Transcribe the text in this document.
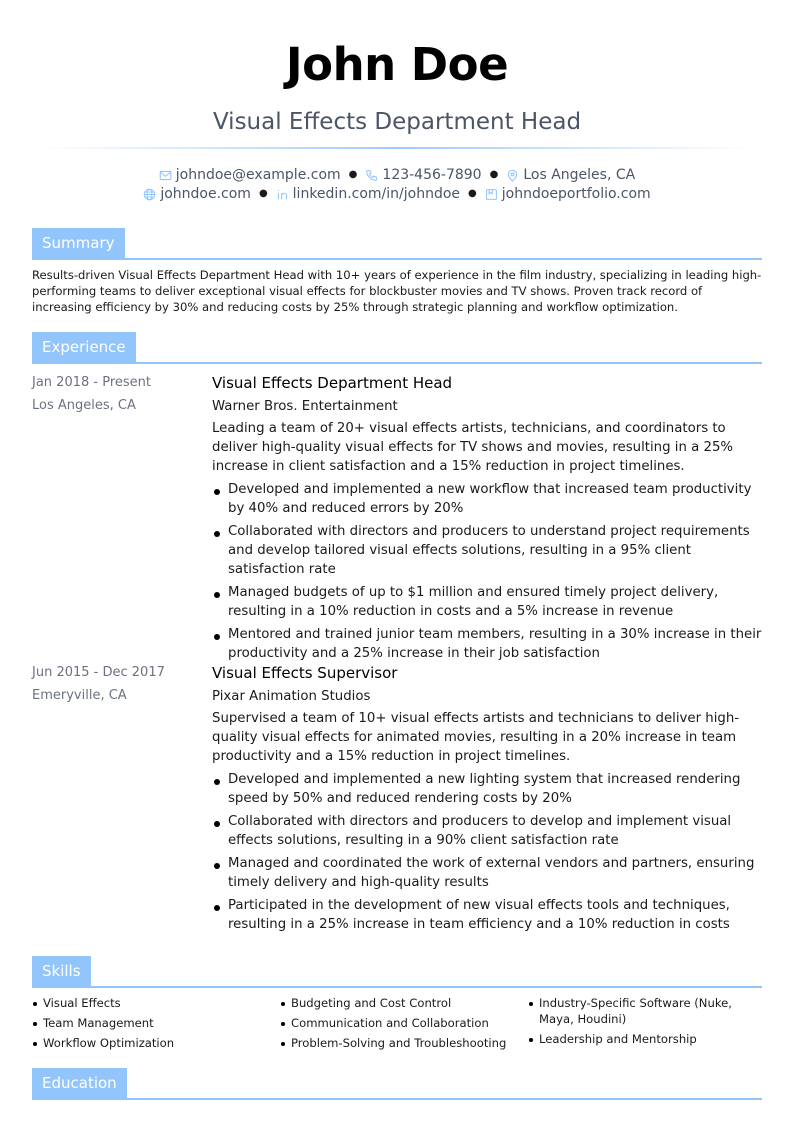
John Doe
Visual Effects Department Head
johndoe@example.com ● 123-456-7890 ● Los Angeles, CA
johndoe.com ● linkedin.com/in/johndoe ● johndoeportfolio.com
Summary
Results-driven Visual Effects Department Head with 10+ years of experience in the film industry, specializing in leading high-performing teams to deliver exceptional visual effects for blockbuster movies and TV shows. Proven track record of increasing efficiency by 30% and reducing costs by 25% through strategic planning and workflow optimization.
Experience
Jan 2018 - Present
Los Angeles, CA
Visual Effects Department Head
Warner Bros. Entertainment
Leading a team of 20+ visual effects artists, technicians, and coordinators to deliver high-quality visual effects for TV shows and movies, resulting in a 25% increase in client satisfaction and a 15% reduction in project timelines.
Developed and implemented a new workflow that increased team productivity by 40% and reduced errors by 20%
Collaborated with directors and producers to understand project requirements and develop tailored visual effects solutions, resulting in a 95% client satisfaction rate
Managed budgets of up to $1 million and ensured timely project delivery, resulting in a 10% reduction in costs and a 5% increase in revenue
Mentored and trained junior team members, resulting in a 30% increase in their productivity and a 25% increase in their job satisfaction
Jun 2015 - Dec 2017
Emeryville, CA
Visual Effects Supervisor
Pixar Animation Studios
Supervised a team of 10+ visual effects artists and technicians to deliver high-quality visual effects for animated movies, resulting in a 20% increase in team productivity and a 15% reduction in project timelines.
Developed and implemented a new lighting system that increased rendering speed by 50% and reduced rendering costs by 20%
Collaborated with directors and producers to develop and implement visual effects solutions, resulting in a 90% client satisfaction rate
Managed and coordinated the work of external vendors and partners, ensuring timely delivery and high-quality results
Participated in the development of new visual effects tools and techniques, resulting in a 25% increase in team efficiency and a 10% reduction in costs
Skills
Visual Effects
Team Management
Workflow Optimization
Budgeting and Cost Control
Communication and Collaboration
Problem-Solving and Troubleshooting
Industry-Specific Software (Nuke, Maya, Houdini)
Leadership and Mentorship
Education
